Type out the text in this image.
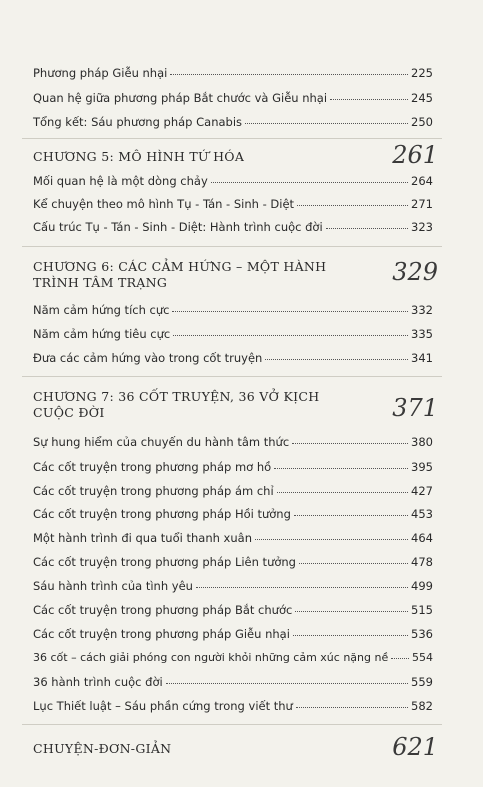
Phương pháp Giễu nhại	225
Quan hệ giữa phương pháp Bắt chước và Giễu nhại	245
Tổng kết: Sáu phương pháp Canabis	250
CHƯƠNG 5: MÔ HÌNH TỨ HÓA	261
Mối quan hệ là một dòng chảy	264
Kể chuyện theo mô hình Tụ - Tán - Sinh - Diệt	271
Cấu trúc Tụ - Tán - Sinh - Diệt: Hành trình cuộc đời	323
CHƯƠNG 6: CÁC CẢM HỨNG – MỘT HÀNH
TRÌNH TÂM TRẠNG	329
Năm cảm hứng tích cực	332
Năm cảm hứng tiêu cực	335
Đưa các cảm hứng vào trong cốt truyện	341
CHƯƠNG 7: 36 CỐT TRUYỆN, 36 VỞ KỊCH
CUỘC ĐỜI	371
Sự hung hiểm của chuyến du hành tâm thức	380
Các cốt truyện trong phương pháp mơ hồ	395
Các cốt truyện trong phương pháp ám chỉ	427
Các cốt truyện trong phương pháp Hồi tưởng	453
Một hành trình đi qua tuổi thanh xuân	464
Các cốt truyện trong phương pháp Liên tưởng	478
Sáu hành trình của tình yêu	499
Các cốt truyện trong phương pháp Bắt chước	515
Các cốt truyện trong phương pháp Giễu nhại	536
36 cốt – cách giải phóng con người khỏi những cảm xúc nặng nề 554
36 hành trình cuộc đời	559
Lục Thiết luật – Sáu phần cứng trong viết thư	582
CHUYỆN-ĐƠN-GIẢN	621
